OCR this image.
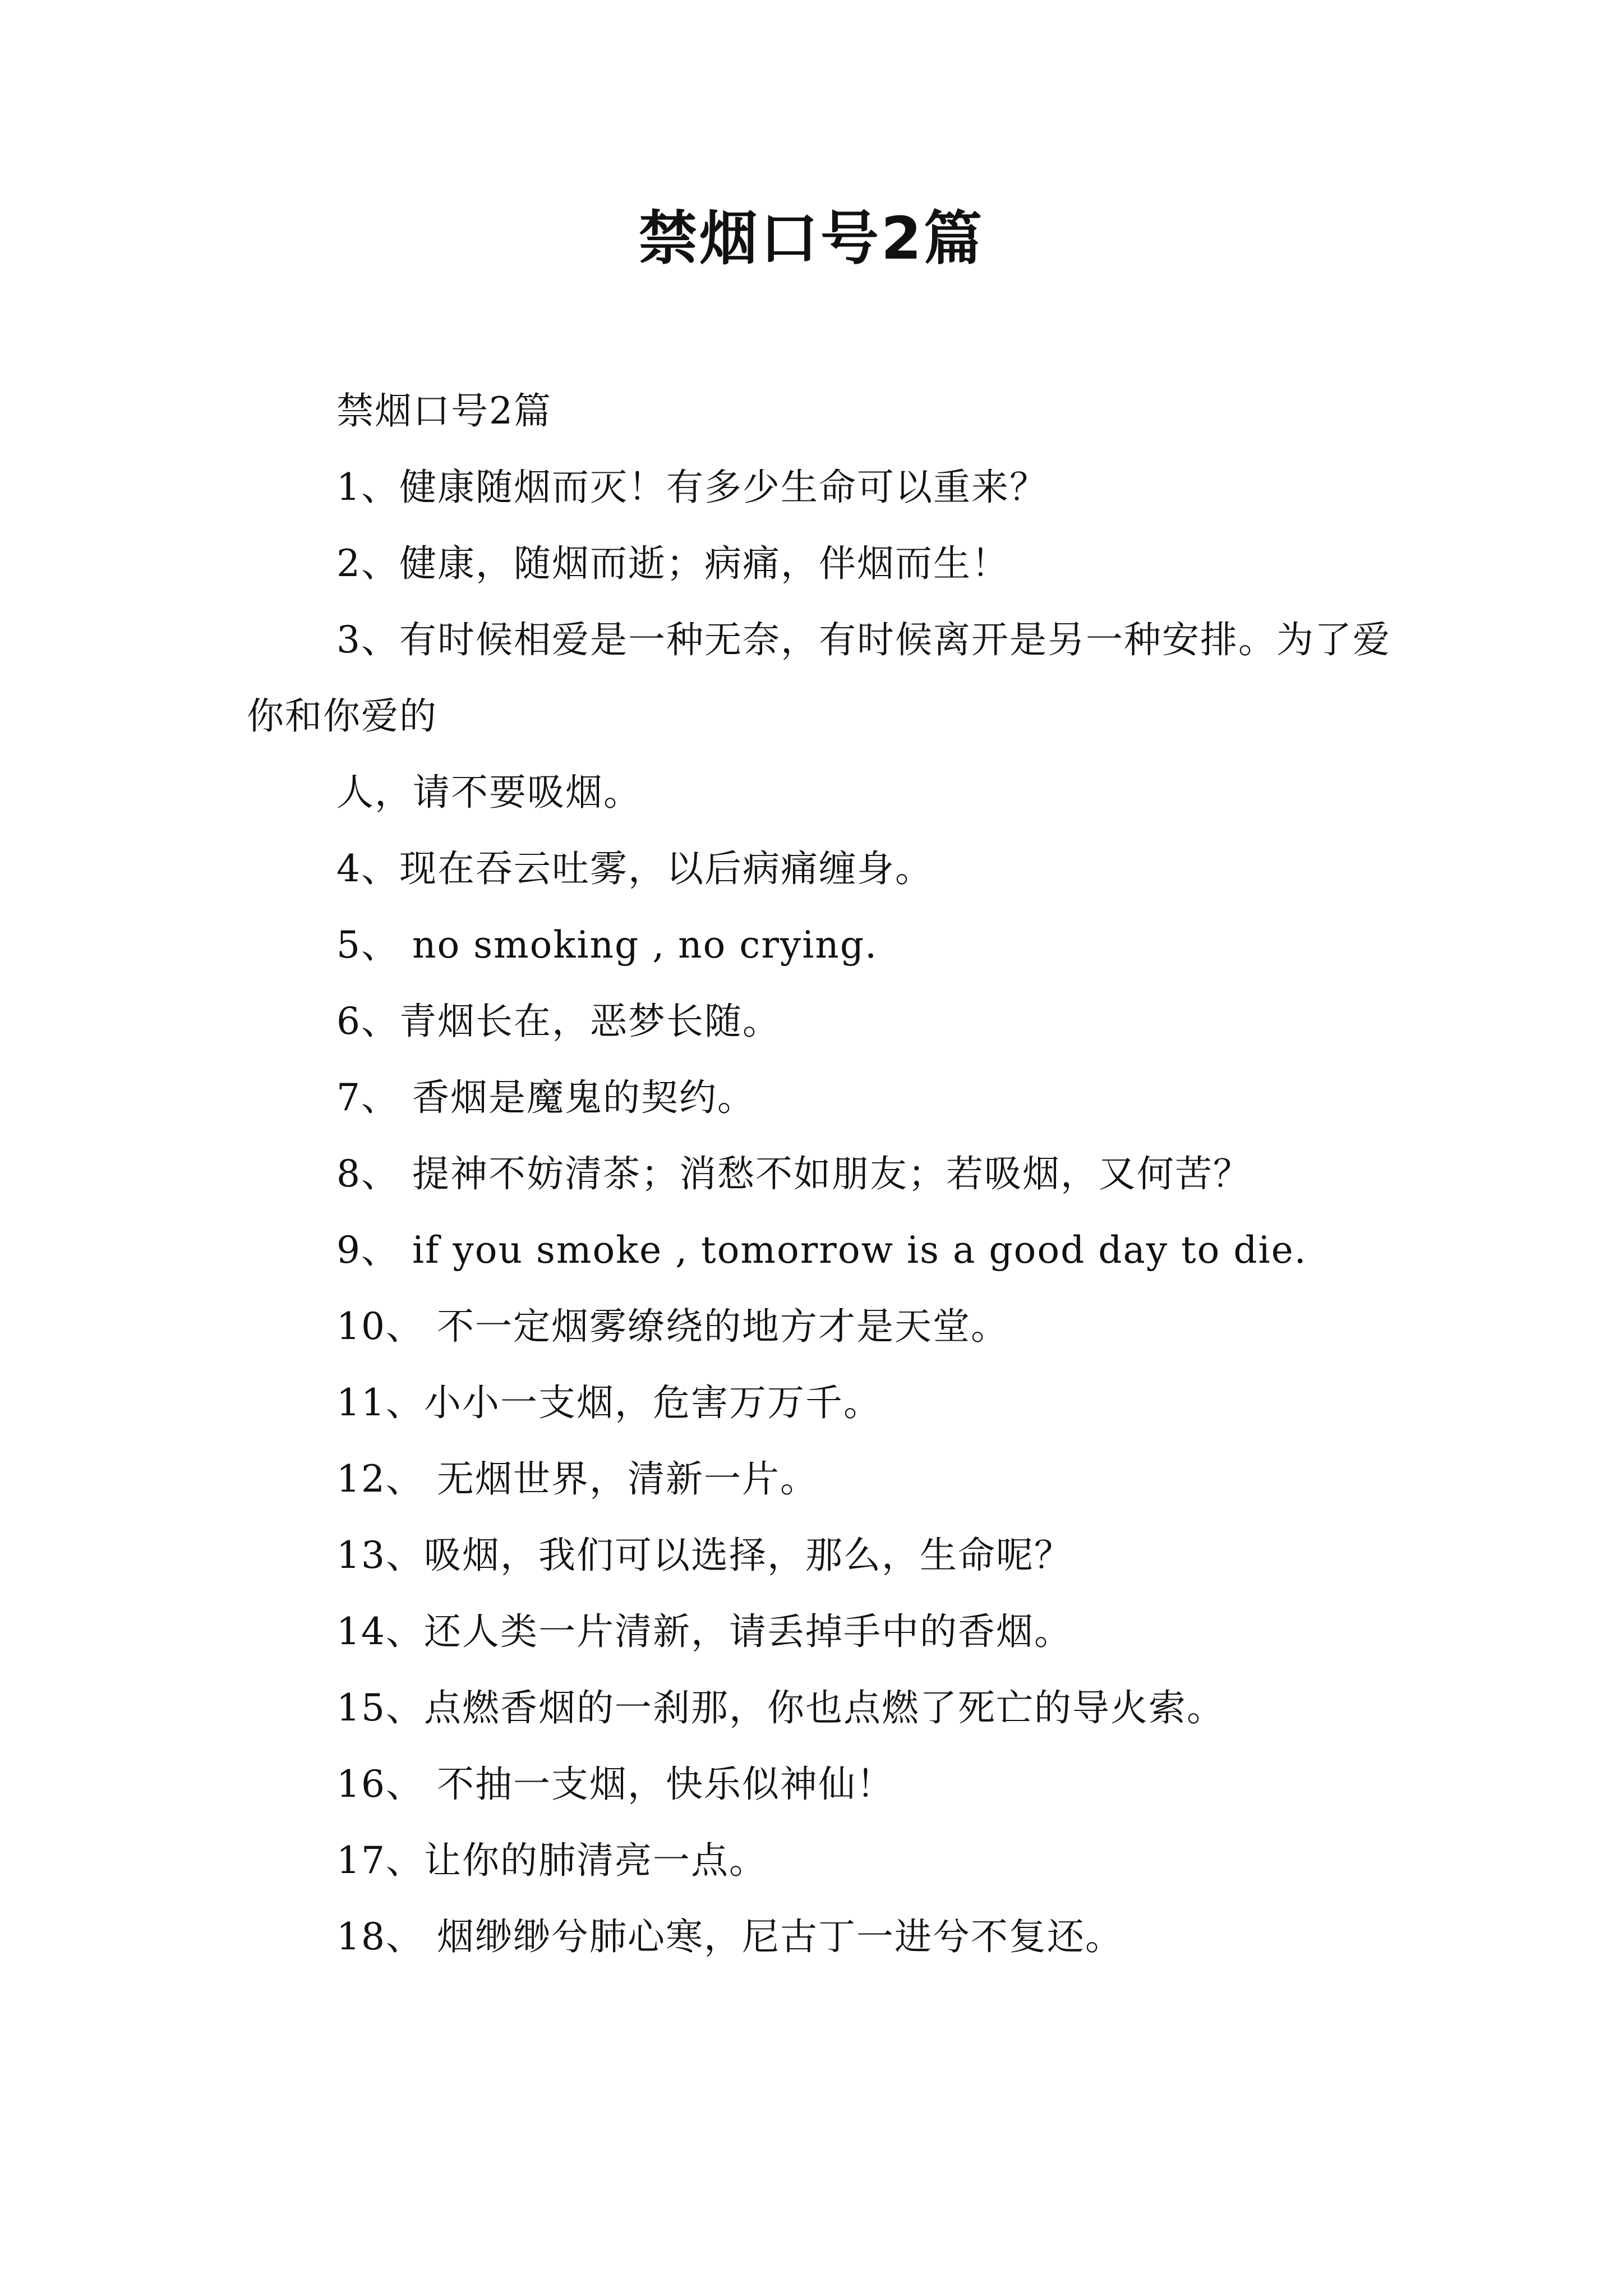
禁烟口号2篇

禁烟口号2篇

1、健康随烟而灭！有多少生命可以重来？

2、健康，随烟而逝；病痛，伴烟而生！

3、有时候相爱是一种无奈，有时候离开是另一种安排。为了爱你和你爱的

人，请不要吸烟。

4、现在吞云吐雾，以后病痛缠身。

5、 no smoking , no crying.

6、青烟长在，恶梦长随。

7、 香烟是魔鬼的契约。

8、 提神不妨清茶；消愁不如朋友；若吸烟，又何苦？

9、 if you smoke , tomorrow is a good day to die.

10、 不一定烟雾缭绕的地方才是天堂。

11、小小一支烟，危害万万千。

12、 无烟世界，清新一片。

13、吸烟，我们可以选择，那么，生命呢？

14、还人类一片清新，请丢掉手中的香烟。

15、点燃香烟的一刹那，你也点燃了死亡的导火索。

16、 不抽一支烟，快乐似神仙！

17、让你的肺清亮一点。

18、 烟缈缈兮肺心寒，尼古丁一进兮不复还。
